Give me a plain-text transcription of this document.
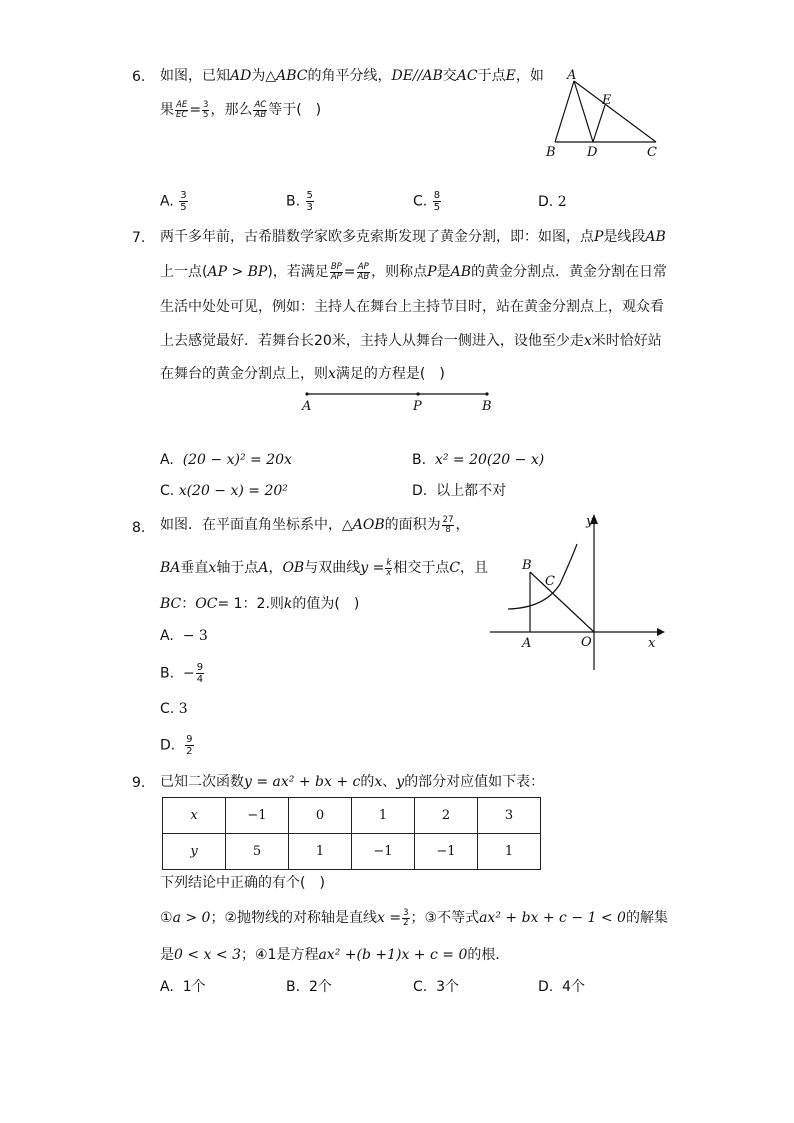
6. 如图，已知AD为△ABC的角平分线，DE//AB交AC于点E，如
果 $\frac{AE}{EC} = \frac{3}{5}$ ，那么 $\frac{AC}{AB}$ 等于(　)
A
E
B D	C
A. $\frac{3}{5}$	B. $\frac{5}{3}$	C. $\frac{8}{5}$	D. 2
7. 两千多年前，古希腊数学家欧多克索斯发现了黄金分割，即：如图，点P是线段AB
上一点(AP > BP)，若满足 $\frac{BP}{AP} = \frac{AP}{AB}$ ，则称点P是AB的黄金分割点．黄金分割在日常
生活中处处可见，例如：主持人在舞台上主持节目时，站在黄金分割点上，观众看
上去感觉最好．若舞台长20米，主持人从舞台一侧进入，设他至少走x米时恰好站
在舞台的黄金分割点上，则x满足的方程是(　)
A	P	B
A. (20 − x)² = 20x	B. x² = 20(20 − x)
C. x(20 − x) = 20²	D. 以上都不对
8. 如图．在平面直角坐标系中，△AOB的面积为 $\frac{27}{8}$ ，
BA垂直x轴于点A，OB与双曲线$y = \frac{k}{x}$ 相交于点C，且
BC：OC= 1：2.则k的值为(　)
A. − 3
B. − $\frac{9}{4}$
C. 3
D. $\frac{9}{2}$
y
x
B
C
A	O
9. 已知二次函数y = ax² + bx + c的x、y的部分对应值如下表：
x	−1	0	1	2	3
y	5	1	−1	−1	1
下列结论中正确的有个(　)
①a > 0；②抛物线的对称轴是直线$x = \frac{3}{2}$ ；③不等式ax² + bx + c − 1 < 0的解集
是0 < x < 3；④1是方程ax² +(b +1)x + c = 0的根．
A. 1个	B. 2个	C. 3个	D. 4个
